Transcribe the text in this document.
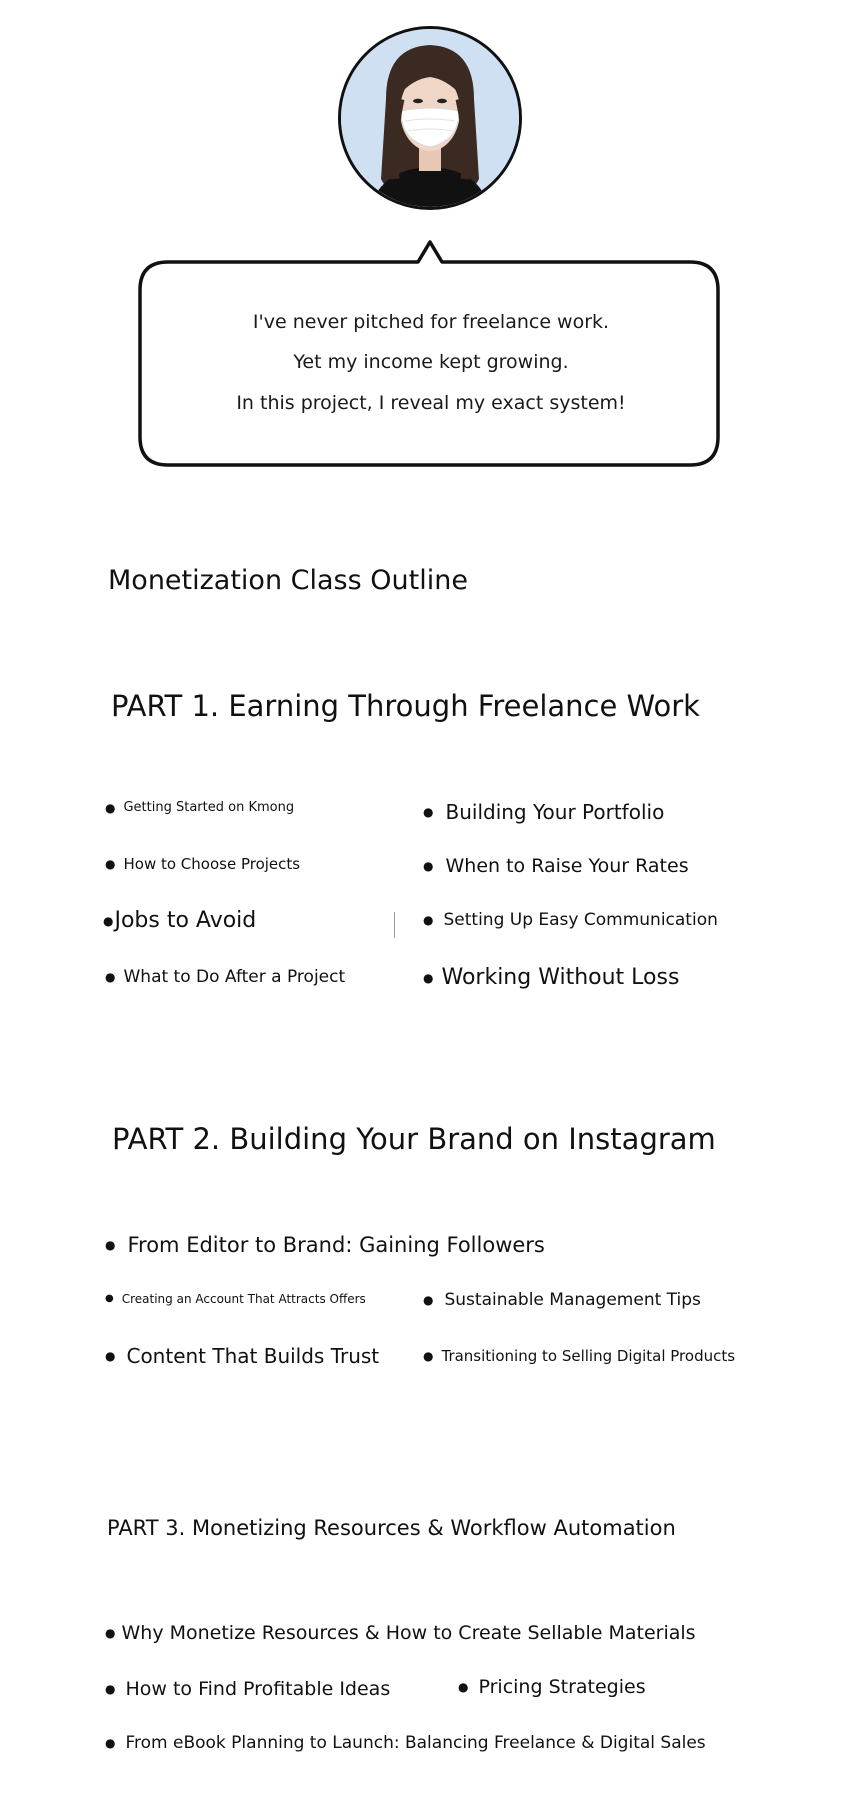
I've never pitched for freelance work.
Yet my income kept growing.
In this project, I reveal my exact system!
Monetization Class Outline
PART 1. Earning Through Freelance Work
● Getting Started on Kmong
● How to Choose Projects
● Jobs to Avoid
● What to Do After a Project
● Building Your Portfolio
● When to Raise Your Rates
● Setting Up Easy Communication
● Working Without Loss
PART 2. Building Your Brand on Instagram
● From Editor to Brand: Gaining Followers
● Creating an Account That Attracts Offers
● Content That Builds Trust
● Sustainable Management Tips
● Transitioning to Selling Digital Products
PART 3. Monetizing Resources & Workflow Automation
● Why Monetize Resources & How to Create Sellable Materials
● How to Find Profitable Ideas	● Pricing Strategies
● From eBook Planning to Launch: Balancing Freelance & Digital Sales
